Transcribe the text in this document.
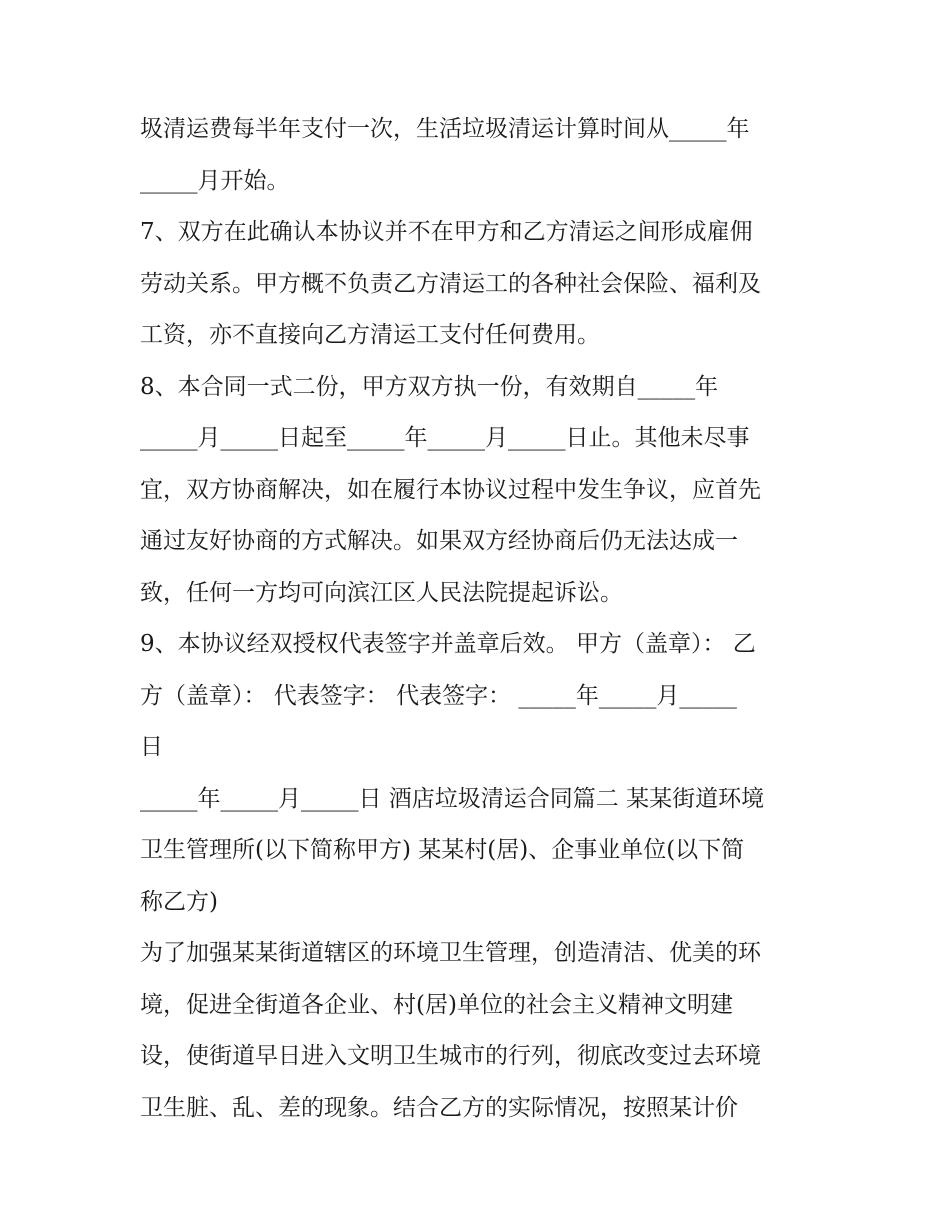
圾清运费每半年支付一次，生活垃圾清运计算时间从_____年
_____月开始。
7、双方在此确认本协议并不在甲方和乙方清运之间形成雇佣
劳动关系。甲方概不负责乙方清运工的各种社会保险、福利及
工资，亦不直接向乙方清运工支付任何费用。
8、本合同一式二份，甲方双方执一份，有效期自_____年
_____月_____日起至_____年_____月_____日止。其他未尽事
宜，双方协商解决，如在履行本协议过程中发生争议，应首先
通过友好协商的方式解决。如果双方经协商后仍无法达成一
致，任何一方均可向滨江区人民法院提起诉讼。
9、本协议经双授权代表签字并盖章后效。 甲方（盖章）： 乙
方（盖章）： 代表签字： 代表签字： _____年_____月_____
日
_____年_____月_____日 酒店垃圾清运合同篇二 某某街道环境
卫生管理所(以下简称甲方) 某某村(居)、企事业单位(以下简
称乙方)
为了加强某某街道辖区的环境卫生管理，创造清洁、优美的环
境，促进全街道各企业、村(居)单位的社会主义精神文明建
设，使街道早日进入文明卫生城市的行列，彻底改变过去环境
卫生脏、乱、差的现象。结合乙方的实际情况，按照某计价
